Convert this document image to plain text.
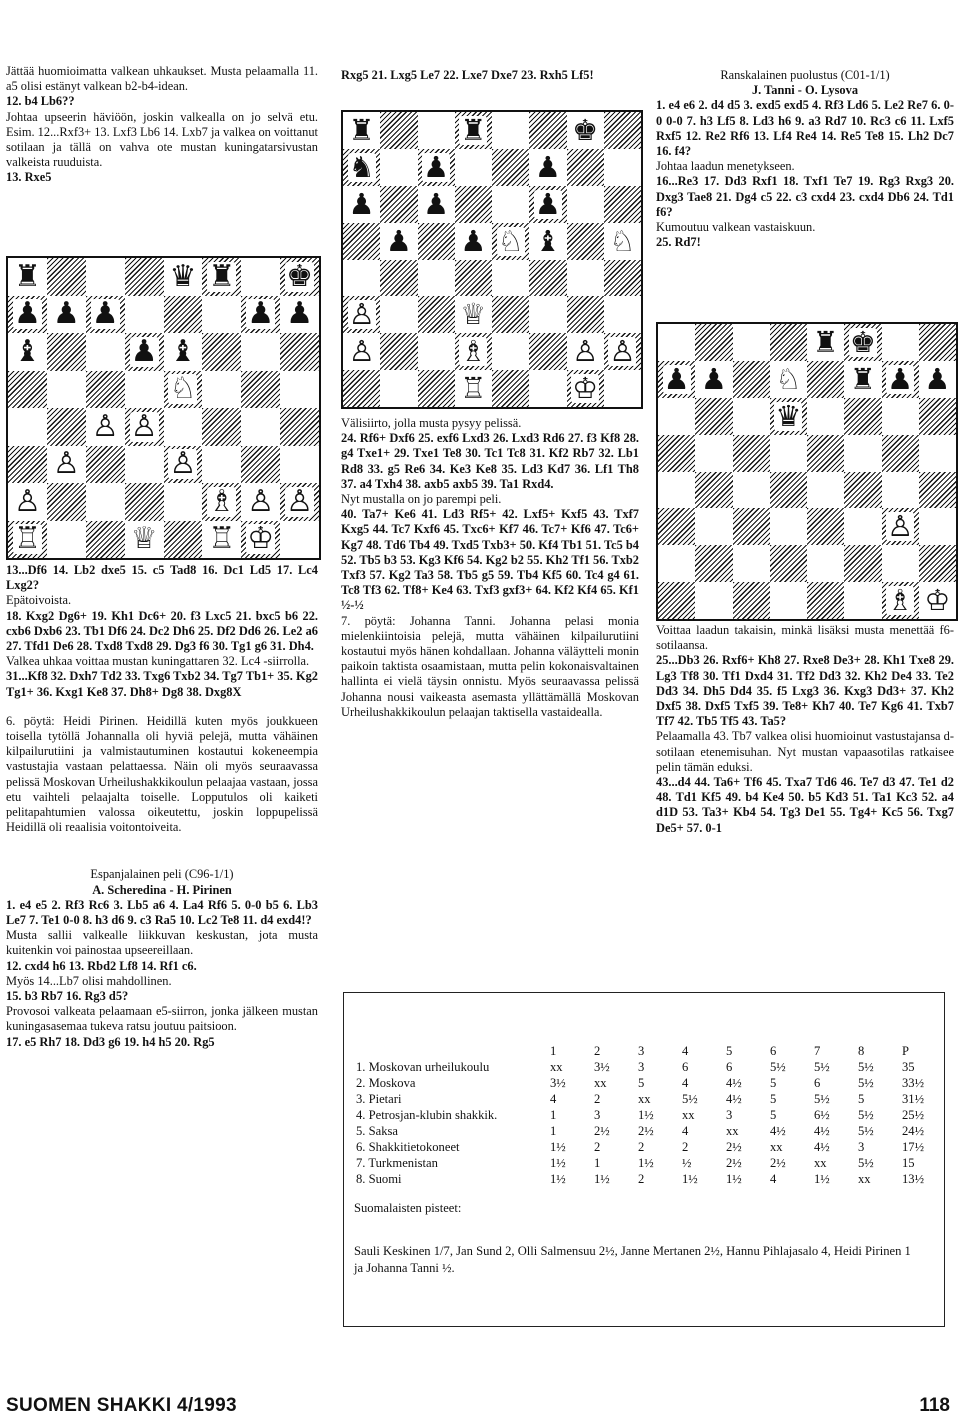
Jättää huomioimatta valkean uhkaukset. Musta pelaamalla 11. a5 olisi estänyt valkean b2-b4-idean.

12. b4 Lb6??

Johtaa upseerin häviöön, joskin valkealla on jo selvä etu. Esim. 12...Rxf3+ 13. Lxf3 Lb6 14. Lxb7 ja valkea on voittanut sotilaan ja tällä on vahva ote mustan kuningatarsivustan valkeista ruuduista.

13. Rxe5

♜	♛ ♜ ♚
♟ ♟ ♟	♟ ♟
♝	♟ ♝
♘
♙ ♙
♙	♙
♙	♗ ♙ ♙
♖	♕ ♖ ♔

13...Df6 14. Lb2 dxe5 15. c5 Tad8 16. Dc1 Ld5 17. Lc4 Lxg2?

Epätoivoista.

18. Kxg2 Dg6+ 19. Kh1 Dc6+ 20. f3 Lxc5 21. bxc5 b6 22. cxb6 Dxb6 23. Tb1 Df6 24. Dc2 Dh6 25. Df2 Dd6 26. Le2 a6 27. Tfd1 De6 28. Txd8 Txd8 29. Dg3 f6 30. Tg1 g6 31. Dh4.

Valkea uhkaa voittaa mustan kuningattaren 32. Lc4 -siirrolla.

31...Kf8 32. Dxh7 Td2 33. Txg6 Txb2 34. Tg7 Tb1+ 35. Kg2 Tg1+ 36. Kxg1 Ke8 37. Dh8+ Dg8 38. Dxg8X

6. pöytä: Heidi Pirinen. Heidillä kuten myös joukkueen toisella tytöllä Johannalla oli hyviä pelejä, mutta vähäinen kilpailurutiini ja valmistautuminen kostautui kokeneempia vastustajia vastaan pelattaessa. Näin oli myös seuraavassa pelissä Moskovan Urheilushakkikoulun pelaajaa vastaan, jossa etu vaihteli pelaajalta toiselle. Lopputulos oli kaiketi pelitapahtumien valossa oikeutettu, joskin loppupelissä Heidillä oli reaalisia voitontoiveita.

Espanjalainen peli (C96-1/1)

A. Scheredina - H. Pirinen

1. e4 e5 2. Rf3 Rc6 3. Lb5 a6 4. La4 Rf6 5. 0-0 b5 6. Lb3 Le7 7. Te1 0-0 8. h3 d6 9. c3 Ra5 10. Lc2 Te8 11. d4 exd4!?

Musta sallii valkealle liikkuvan keskustan, jota musta kuitenkin voi painostaa upseereillaan.

12. cxd4 h6 13. Rbd2 Lf8 14. Rf1 c6.

Myös 14...Lb7 olisi mahdollinen.

15. b3 Rb7 16. Rg3 d5?

Provosoi valkeata pelaamaan e5-siirron, jonka jälkeen mustan kuningasasemaa tukeva ratsu joutuu paitsioon.

17. e5 Rh7 18. Dd3 g6 19. h4 h5 20. Rg5

Rxg5 21. Lxg5 Le7 22. Lxe7 Dxe7 23. Rxh5 Lf5!

♜	♜	♚
♞ ♟	♟
♟ ♟	♟
♟ ♟ ♘ ♝ ♘
♙	♕
♙	♗	♙ ♙
♖	♔

Välisiirto, jolla musta pysyy pelissä.

24. Rf6+ Dxf6 25. exf6 Lxd3 26. Lxd3 Rd6 27. f3 Kf8 28. g4 Txe1+ 29. Txe1 Te8 30. Tc1 Tc8 31. Kf2 Rb7 32. Lb1 Rd8 33. g5 Re6 34. Ke3 Ke8 35. Ld3 Kd7 36. Lf1 Th8 37. a4 Txh4 38. axb5 axb5 39. Ta1 Rxd4.

Nyt mustalla on jo parempi peli.

40. Ta7+ Ke6 41. Ld3 Rf5+ 42. Lxf5+ Kxf5 43. Txf7 Kxg5 44. Tc7 Kxf6 45. Txc6+ Kf7 46. Tc7+ Kf6 47. Tc6+ Kg7 48. Td6 Tb4 49. Txd5 Txb3+ 50. Kf4 Tb1 51. Tc5 b4 52. Tb5 b3 53. Kg3 Kf6 54. Kg2 b2 55. Kh2 Tf1 56. Txb2 Txf3 57. Kg2 Ta3 58. Tb5 g5 59. Tb4 Kf5 60. Tc4 g4 61. Tc8 Tf3 62. Tf8+ Ke4 63. Txf3 gxf3+ 64. Kf2 Kf4 65. Kf1 ½-½

7. pöytä: Johanna Tanni. Johanna pelasi monia mielenkiintoisia pelejä, mutta vähäinen kilpailurutiini kostautui myös hänen kohdallaan. Johanna väläytteli monin paikoin taktista osaamistaan, mutta pelin kokonaisvaltainen hallinta ei vielä täysin onnistu. Myös seuraavassa pelissä Johanna nousi vaikeasta asemasta yllättämällä Moskovan Urheilushakkikoulun pelaajan taktisella vastaidealla.

Ranskalainen puolustus (C01-1/1)

J. Tanni - O. Lysova

1. e4 e6 2. d4 d5 3. exd5 exd5 4. Rf3 Ld6 5. Le2 Re7 6. 0-0 0-0 7. h3 Lf5 8. Ld3 h6 9. a3 Rd7 10. Rc3 c6 11. Lxf5 Rxf5 12. Re2 Rf6 13. Lf4 Re4 14. Re5 Te8 15. Lh2 Dc7 16. f4?

Johtaa laadun menetykseen.

16...Re3 17. Dd3 Rxf1 18. Txf1 Te7 19. Rg3 Rxg3 20. Dxg3 Tae8 21. Dg4 c5 22. c3 cxd4 23. cxd4 Db6 24. Td1 f6?

Kumoutuu valkean vastaiskuun.

25. Rd7!

♜ ♚
♟ ♟ ♘ ♜ ♟ ♟
♛
♙
♗ ♔

Voittaa laadun takaisin, minkä lisäksi musta menettää f6-sotilaansa.

25...Db3 26. Rxf6+ Kh8 27. Rxe8 De3+ 28. Kh1 Txe8 29. Lg3 Tf8 30. Tf1 Dxd4 31. Tf2 Dd3 32. Kh2 De4 33. Te2 Dd3 34. Dh5 Dd4 35. f5 Lxg3 36. Kxg3 Dd3+ 37. Kh2 Dxf5 38. Dxf5 Txf5 39. Te8+ Kh7 40. Te7 Kg6 41. Txb7 Tf7 42. Tb5 Tf5 43. Ta5?

Pelaamalla 43. Tb7 valkea olisi huomioinut vastustajansa d-sotilaan etenemisuhan. Nyt mustan vapaasotilas ratkaisee pelin tämän eduksi.

43...d4 44. Ta6+ Tf6 45. Txa7 Td6 46. Te7 d3 47. Te1 d2 48. Td1 Kf5 49. b4 Ke4 50. b5 Kd3 51. Ta1 Kc3 52. a4 d1D 53. Ta3+ Kb4 54. Tg3 De1 55. Tg4+ Kc5 56. Txg7 De5+ 57. 0-1

	1	2	3	4	5	6	7	8	P
1. Moskovan urheilukoulu	xx	3½	3	6	6	5½	5½	5½	35
2. Moskova	3½	xx	5	4	4½	5	6	5½	33½
3. Pietari	4	2	xx	5½	4½	5	5½	5	31½
4. Petrosjan-klubin shakkik.	1	3	1½	xx	3	5	6½	5½	25½
5. Saksa	1	2½	2½	4	xx	4½	4½	5½	24½
6. Shakkitietokoneet	1½	2	2	2	2½	xx	4½	3	17½
7. Turkmenistan	1½	1	1½	½	2½	2½	xx	5½	15
8. Suomi	1½	1½	2	1½	1½	4	1½	xx	13½

Suomalaisten pisteet:

Sauli Keskinen 1/7, Jan Sund 2, Olli Salmensuu 2½, Janne Mertanen 2½, Hannu Pihlajasalo 4, Heidi Pirinen 1 ja Johanna Tanni ½.

SUOMEN SHAKKI 4/1993	118
